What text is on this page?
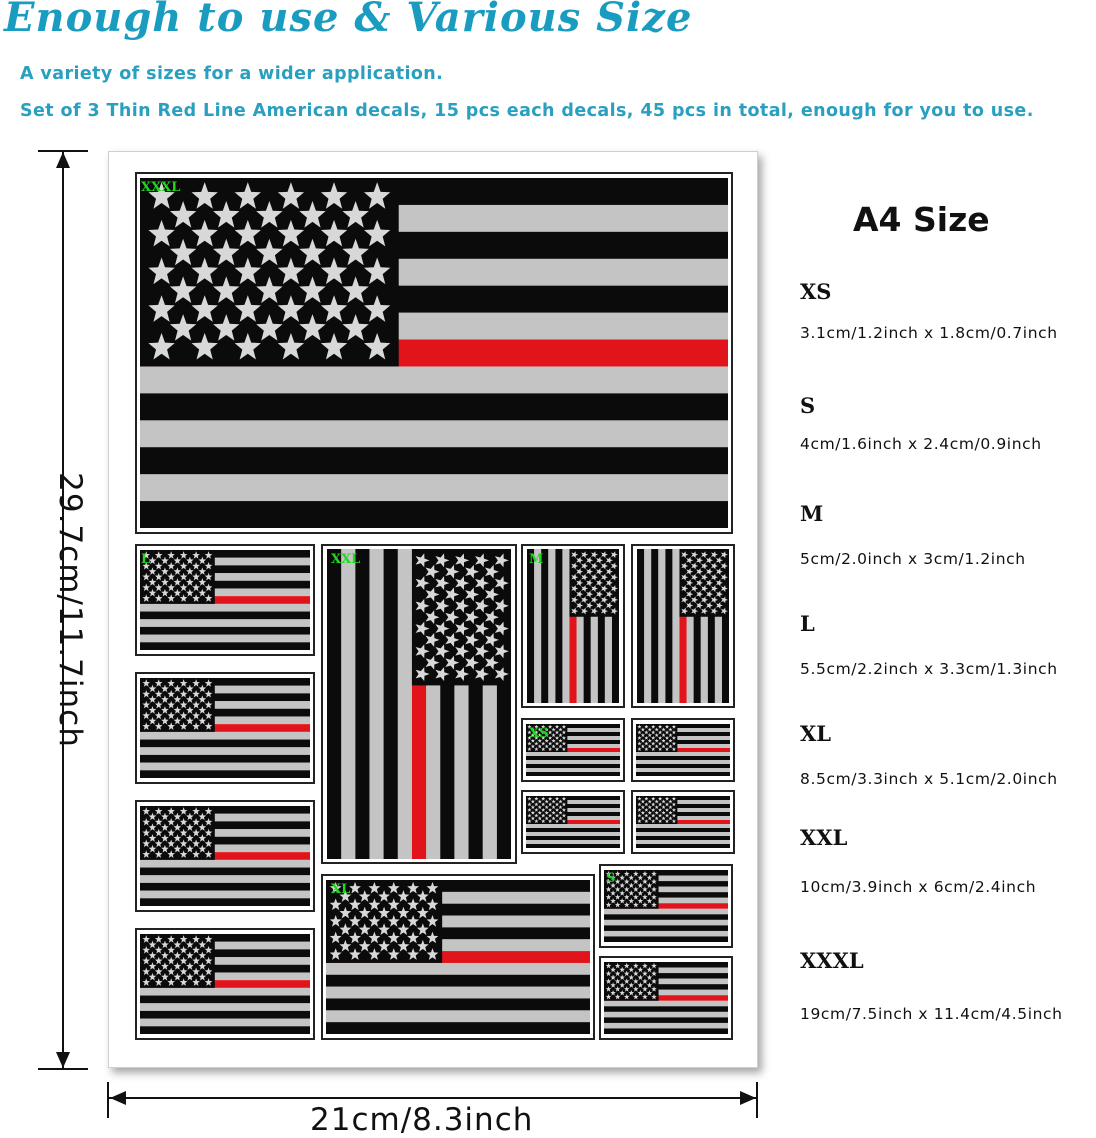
Enough to use & Various Size
A variety of sizes for a wider application.
Set of 3 Thin Red Line American decals, 15 pcs each decals, 45 pcs in total, enough for you to use.
29.7cm/11.7inch
21cm/8.3inch
XXXL
L	XXL	M
XS
XL
S
A4 Size
XS
3.1cm/1.2inch x 1.8cm/0.7inch
S
4cm/1.6inch x 2.4cm/0.9inch
M
5cm/2.0inch x 3cm/1.2inch
L
5.5cm/2.2inch x 3.3cm/1.3inch
XL
8.5cm/3.3inch x 5.1cm/2.0inch
XXL
10cm/3.9inch x 6cm/2.4inch
XXXL
19cm/7.5inch x 11.4cm/4.5inch
